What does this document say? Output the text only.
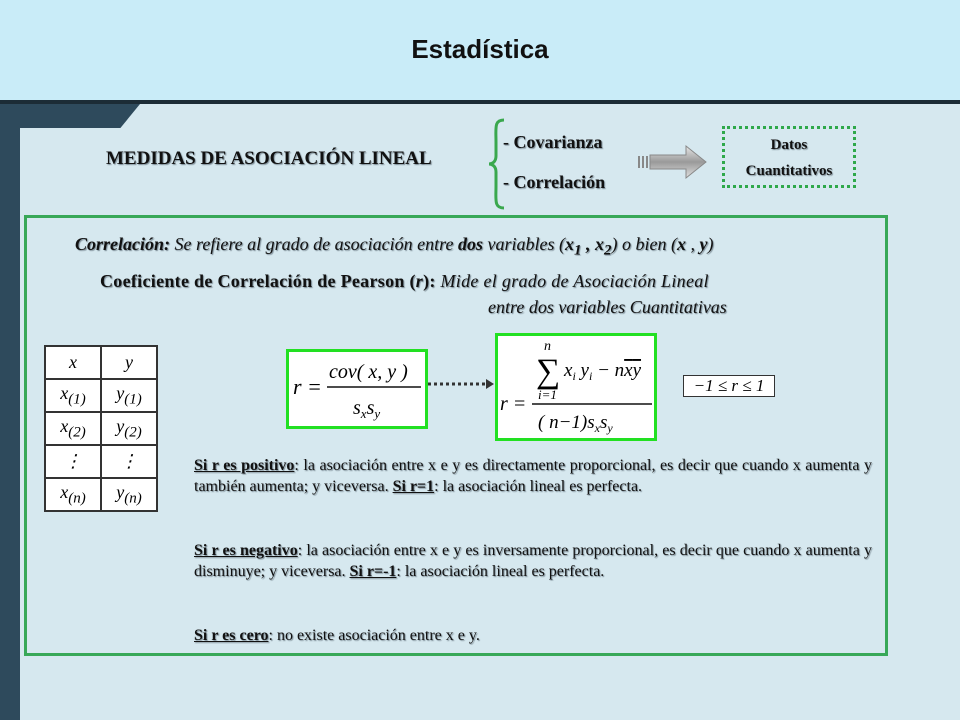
Estadística
MEDIDAS DE ASOCIACIÓN LINEAL
- Covarianza
- Correlación
Datos
Cuantitativos
Correlación: Se refiere al grado de asociación entre dos variables ($x_1$ , $x_2$) o bien (x , y)
Coeficiente de Correlación de Pearson (r): Mide el grado de Asociación Lineal
entre dos variables Cuantitativas
x	y
$x_{(1)}$	$y_{(1)}$
$x_{(2)}$	$y_{(2)}$
⋮	⋮
$x_{(n)}$	$y_{(n)}$
r =
cov( x, y )
$s_xs_y$	r =
n
∑
i=1
$x_i$ $y_i$ − nxy
( $n-1)s_xs_y$
−1 ≤ r ≤ 1
Si r es positivo: la asociación entre x e y es directamente proporcional, es decir que cuando x aumenta y también aumenta; y viceversa. Si r=1: la asociación lineal es perfecta.
Si r es negativo: la asociación entre x e y es inversamente proporcional, es decir que cuando x aumenta y disminuye; y viceversa. Si r=-1: la asociación lineal es perfecta.
Si r es cero: no existe asociación entre x e y.
